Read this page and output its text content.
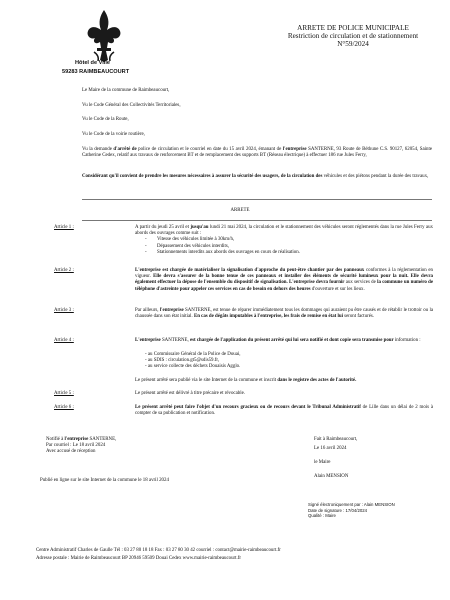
Hôtel de Ville
59283 RAIMBEAUCOURT
ARRETE DE POLICE MUNICIPALE
Restriction de circulation et de stationnement
N°59/2024
Le Maire de la commune de Raimbeaucourt,
Vu le Code Général des Collectivités Territoriales,
Vu le Code de la Route,
Vu le Code de la voirie routière,
Vu la demande d'arrêté de police de circulation et le courriel en date du 15 avril 2024, émanant de l'entreprise SANTERNE, 93 Route de Béthune C.S. 90127, 62054, Sainte Catherine Cedex, relatif aux travaux de renforcement BT et de remplacement des supports BT (Réseau électrique) à effectuer 186 rue Jules Ferry,
Considérant qu'il convient de prendre les mesures nécessaires à assurer la sécurité des usagers, de la circulation des véhicules et des piétons pendant la durée des travaux,
ARRETE
Article 1 :	A partir du jeudi 25 avril et jusqu'au lundi 21 mai 2024, la circulation et le stationnement des véhicules seront réglementés dans la rue Jules Ferry aux abords des ouvrages comme suit :
- Vitesse des véhicules limitée à 30km/h,
- Dépassement des véhicules interdits,
- Stationnements interdits aux abords des ouvrages en cours de réalisation.
Article 2 :	L'entreprise est chargée de matérialiser la signalisation d'approche du peut-être chantier par des panneaux conformes à la réglementation en vigueur. Elle devra s'assurer de la bonne tenue de ces panneaux et installer des éléments de sécurité lumineux pour la nuit. Elle devra également effectuer la dépose de l'ensemble du dispositif de signalisation. L'entreprise devra fournir aux services de la commune un numéro de téléphone d'astreinte pour appeler ces services en cas de besoin en dehors des heures d'ouverture et sur les lieux.
Article 3 :	Par ailleurs, l'entreprise SANTERNE, est tenue de réparer immédiatement tous les dommages qui auraient pu être causés et de rétablir le trottoir ou la chaussée dans son état initial. En cas de dégâts imputables à l'entreprise, les frais de remise en état lui seront facturés.
Article 4 :	L'entreprise SANTERNE, est chargée de l'application du présent arrêté qui lui sera notifié et dont copie sera transmise pour information :
- au Commissaire Général de la Police de Douai,
- au SDIS : circulation.gt5@sdis59.fr,
- au service collecte des déchets Douaisis Agglo.
Le présent arrêté sera publié via le site Internet de la commune et inscrit dans le registre des actes de l'autorité.
Article 5 :	Le présent arrêté est délivré à titre précaire et révocable.
Article 6 :	Le présent arrêté peut faire l'objet d'un recours gracieux ou de recours devant le Tribunal Administratif de Lille dans un délai de 2 mois à compter de sa publication et notification.
Notifié à l'entreprise SANTERNE,
Par courriel : Le 18 avril 2024
Avec accusé de réception
Publié en ligne sur le site Internet de la commune le 18 avril 2024
Fait à Raimbeaucourt,
Le 16 avril 2024
le Maire
Alain MENSION
Signé électroniquement par : Alain MENSION
Date de signature : 17/04/2024
Qualité : Maire
Centre Administratif Charles de Gaulle Tél : 03 27 80 18 18 Fax : 03 27 80 30 42 courriel : contact@mairie-raimbeaucourt.fr
Adresse postale : Mairie de Raimbeaucourt BP 20946 59509 Douai Cedex www.mairie-raimbeaucourt.fr
